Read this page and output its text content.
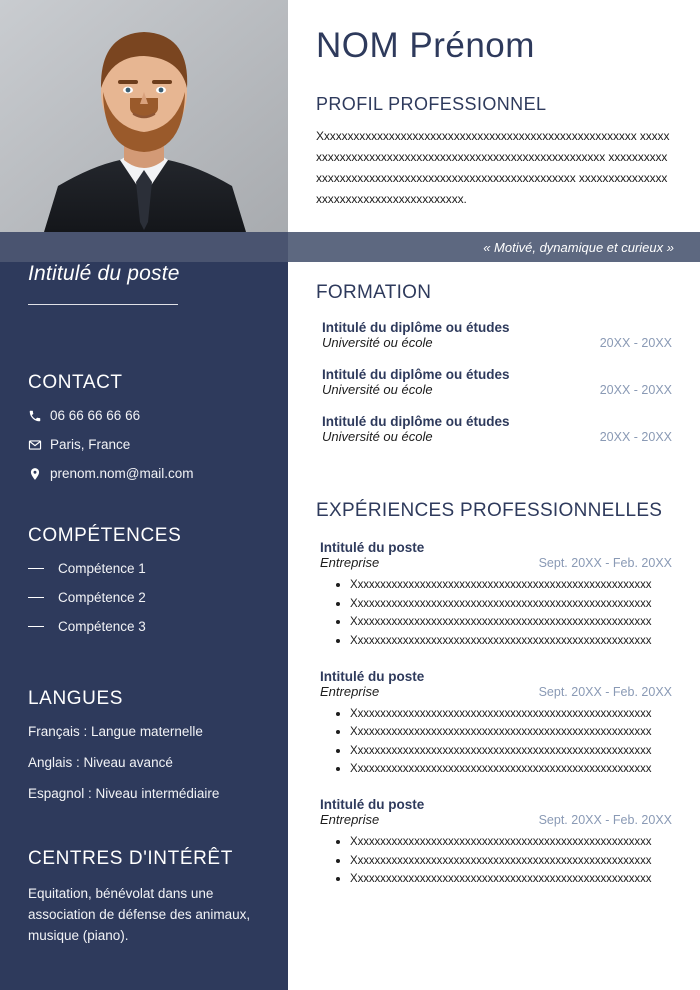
Intitulé du poste
CONTACT
06 66 66 66 66
Paris, France
prenom.nom@mail.com
COMPÉTENCES
Compétence 1
Compétence 2
Compétence 3
LANGUES
Français : Langue maternelle
Anglais : Niveau avancé
Espagnol : Niveau intermédiaire
CENTRES D'INTÉRÊT
Equitation, bénévolat dans une association de défense des animaux, musique (piano).
NOM Prénom
PROFIL PROFESSIONNEL
Xxxxxxxxxxxxxxxxxxxxxxxxxxxxxxxxxxxxxxxxxxxxxxxxxxxxxx xxxxxxxxxxxxxxxxxxxxxxxxxxxxxxxxxxxxxxxxxxxxxxxxxxxxxx xxxxxxxxxxxxxxxxxxxxxxxxxxxxxxxxxxxxxxxxxxxxxxxxxxxxxx xxxxxxxxxxxxxxxxxxxxxxxxxxxxxxxxxxxxxxxx.
« Motivé, dynamique et curieux »
FORMATION
Intitulé du diplôme ou études
Université ou école	20XX - 20XX
Intitulé du diplôme ou études
Université ou école	20XX - 20XX
Intitulé du diplôme ou études
Université ou école	20XX - 20XX
EXPÉRIENCES PROFESSIONNELLES
Intitulé du poste
Entreprise	Sept. 20XX - Feb. 20XX
Xxxxxxxxxxxxxxxxxxxxxxxxxxxxxxxxxxxxxxxxxxxxxxxxxxxxx
Xxxxxxxxxxxxxxxxxxxxxxxxxxxxxxxxxxxxxxxxxxxxxxxxxxxxx
Xxxxxxxxxxxxxxxxxxxxxxxxxxxxxxxxxxxxxxxxxxxxxxxxxxxxx
Xxxxxxxxxxxxxxxxxxxxxxxxxxxxxxxxxxxxxxxxxxxxxxxxxxxxx
Intitulé du poste
Entreprise	Sept. 20XX - Feb. 20XX
Xxxxxxxxxxxxxxxxxxxxxxxxxxxxxxxxxxxxxxxxxxxxxxxxxxxxx
Xxxxxxxxxxxxxxxxxxxxxxxxxxxxxxxxxxxxxxxxxxxxxxxxxxxxx
Xxxxxxxxxxxxxxxxxxxxxxxxxxxxxxxxxxxxxxxxxxxxxxxxxxxxx
Xxxxxxxxxxxxxxxxxxxxxxxxxxxxxxxxxxxxxxxxxxxxxxxxxxxxx
Intitulé du poste
Entreprise	Sept. 20XX - Feb. 20XX
Xxxxxxxxxxxxxxxxxxxxxxxxxxxxxxxxxxxxxxxxxxxxxxxxxxxxx
Xxxxxxxxxxxxxxxxxxxxxxxxxxxxxxxxxxxxxxxxxxxxxxxxxxxxx
Xxxxxxxxxxxxxxxxxxxxxxxxxxxxxxxxxxxxxxxxxxxxxxxxxxxxx
